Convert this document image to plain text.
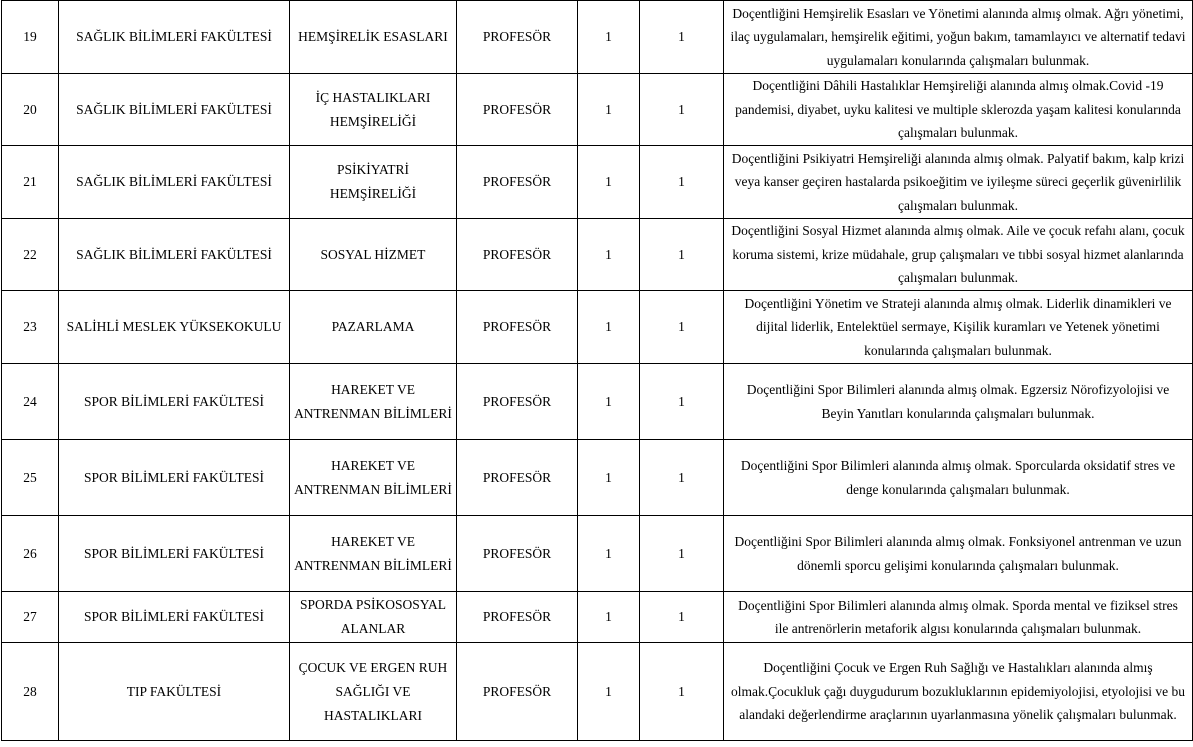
19	SAĞLIK BİLİMLERİ FAKÜLTESİ	HEMŞİRELİK ESASLARI	PROFESÖR	1	1	Doçentliğini Hemşirelik Esasları ve Yönetimi alanında almış olmak. Ağrı yönetimi, ilaç uygulamaları, hemşirelik eğitimi, yoğun bakım, tamamlayıcı ve alternatif tedavi uygulamaları konularında çalışmaları bulunmak.
20	SAĞLIK BİLİMLERİ FAKÜLTESİ	İÇ HASTALIKLARI HEMŞİRELİĞİ	PROFESÖR	1	1	Doçentliğini Dâhili Hastalıklar Hemşireliği alanında almış olmak.Covid -19 pandemisi, diyabet, uyku kalitesi ve multiple sklerozda yaşam kalitesi konularında çalışmaları bulunmak.
21	SAĞLIK BİLİMLERİ FAKÜLTESİ	PSİKİYATRİ HEMŞİRELİĞİ	PROFESÖR	1	1	Doçentliğini Psikiyatri Hemşireliği alanında almış olmak. Palyatif bakım, kalp krizi veya kanser geçiren hastalarda psikoeğitim ve iyileşme süreci geçerlik güvenirlilik çalışmaları bulunmak.
22	SAĞLIK BİLİMLERİ FAKÜLTESİ	SOSYAL HİZMET	PROFESÖR	1	1	Doçentliğini Sosyal Hizmet alanında almış olmak. Aile ve çocuk refahı alanı, çocuk koruma sistemi, krize müdahale, grup çalışmaları ve tıbbi sosyal hizmet alanlarında çalışmaları bulunmak.
23	SALİHLİ MESLEK YÜKSEKOKULU	PAZARLAMA	PROFESÖR	1	1	Doçentliğini Yönetim ve Strateji alanında almış olmak. Liderlik dinamikleri ve dijital liderlik, Entelektüel sermaye, Kişilik kuramları ve Yetenek yönetimi konularında çalışmaları bulunmak.
24	SPOR BİLİMLERİ FAKÜLTESİ	HAREKET VE ANTRENMAN BİLİMLERİ	PROFESÖR	1	1	Doçentliğini Spor Bilimleri alanında almış olmak. Egzersiz Nörofizyolojisi ve Beyin Yanıtları konularında çalışmaları bulunmak.
25	SPOR BİLİMLERİ FAKÜLTESİ	HAREKET VE ANTRENMAN BİLİMLERİ	PROFESÖR	1	1	Doçentliğini Spor Bilimleri alanında almış olmak. Sporcularda oksidatif stres ve denge konularında çalışmaları bulunmak.
26	SPOR BİLİMLERİ FAKÜLTESİ	HAREKET VE ANTRENMAN BİLİMLERİ	PROFESÖR	1	1	Doçentliğini Spor Bilimleri alanında almış olmak. Fonksiyonel antrenman ve uzun dönemli sporcu gelişimi konularında çalışmaları bulunmak.
27	SPOR BİLİMLERİ FAKÜLTESİ	SPORDA PSİKOSOSYAL ALANLAR	PROFESÖR	1	1	Doçentliğini Spor Bilimleri alanında almış olmak. Sporda mental ve fiziksel stres ile antrenörlerin metaforik algısı konularında çalışmaları bulunmak.
28	TIP FAKÜLTESİ	ÇOCUK VE ERGEN RUH SAĞLIĞI VE HASTALIKLARI	PROFESÖR	1	1	Doçentliğini Çocuk ve Ergen Ruh Sağlığı ve Hastalıkları alanında almış olmak.Çocukluk çağı duygudurum bozukluklarının epidemiyolojisi, etyolojisi ve bu alandaki değerlendirme araçlarının uyarlanmasına yönelik çalışmaları bulunmak.
